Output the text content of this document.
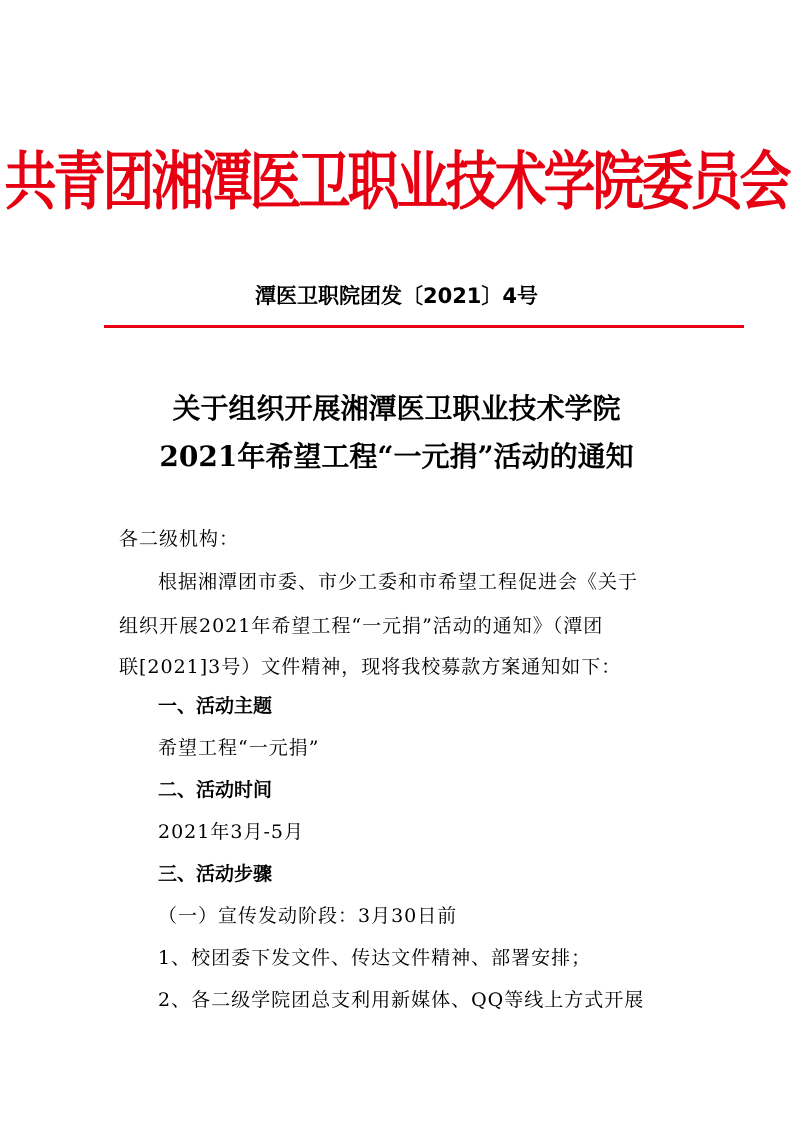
共青团湘潭医卫职业技术学院委员会
潭医卫职院团发〔2021〕4号
关于组织开展湘潭医卫职业技术学院
2021年希望工程“一元捐”活动的通知
各二级机构：
根据湘潭团市委、市少工委和市希望工程促进会《关于
组织开展2021年希望工程“一元捐”活动的通知》（潭团
联[2021]3号）文件精神，现将我校募款方案通知如下：
一、活动主题
希望工程“一元捐”
二、活动时间
2021年3月-5月
三、活动步骤
（一）宣传发动阶段：3月30日前
1、校团委下发文件、传达文件精神、部署安排；
2、各二级学院团总支利用新媒体、QQ等线上方式开展
